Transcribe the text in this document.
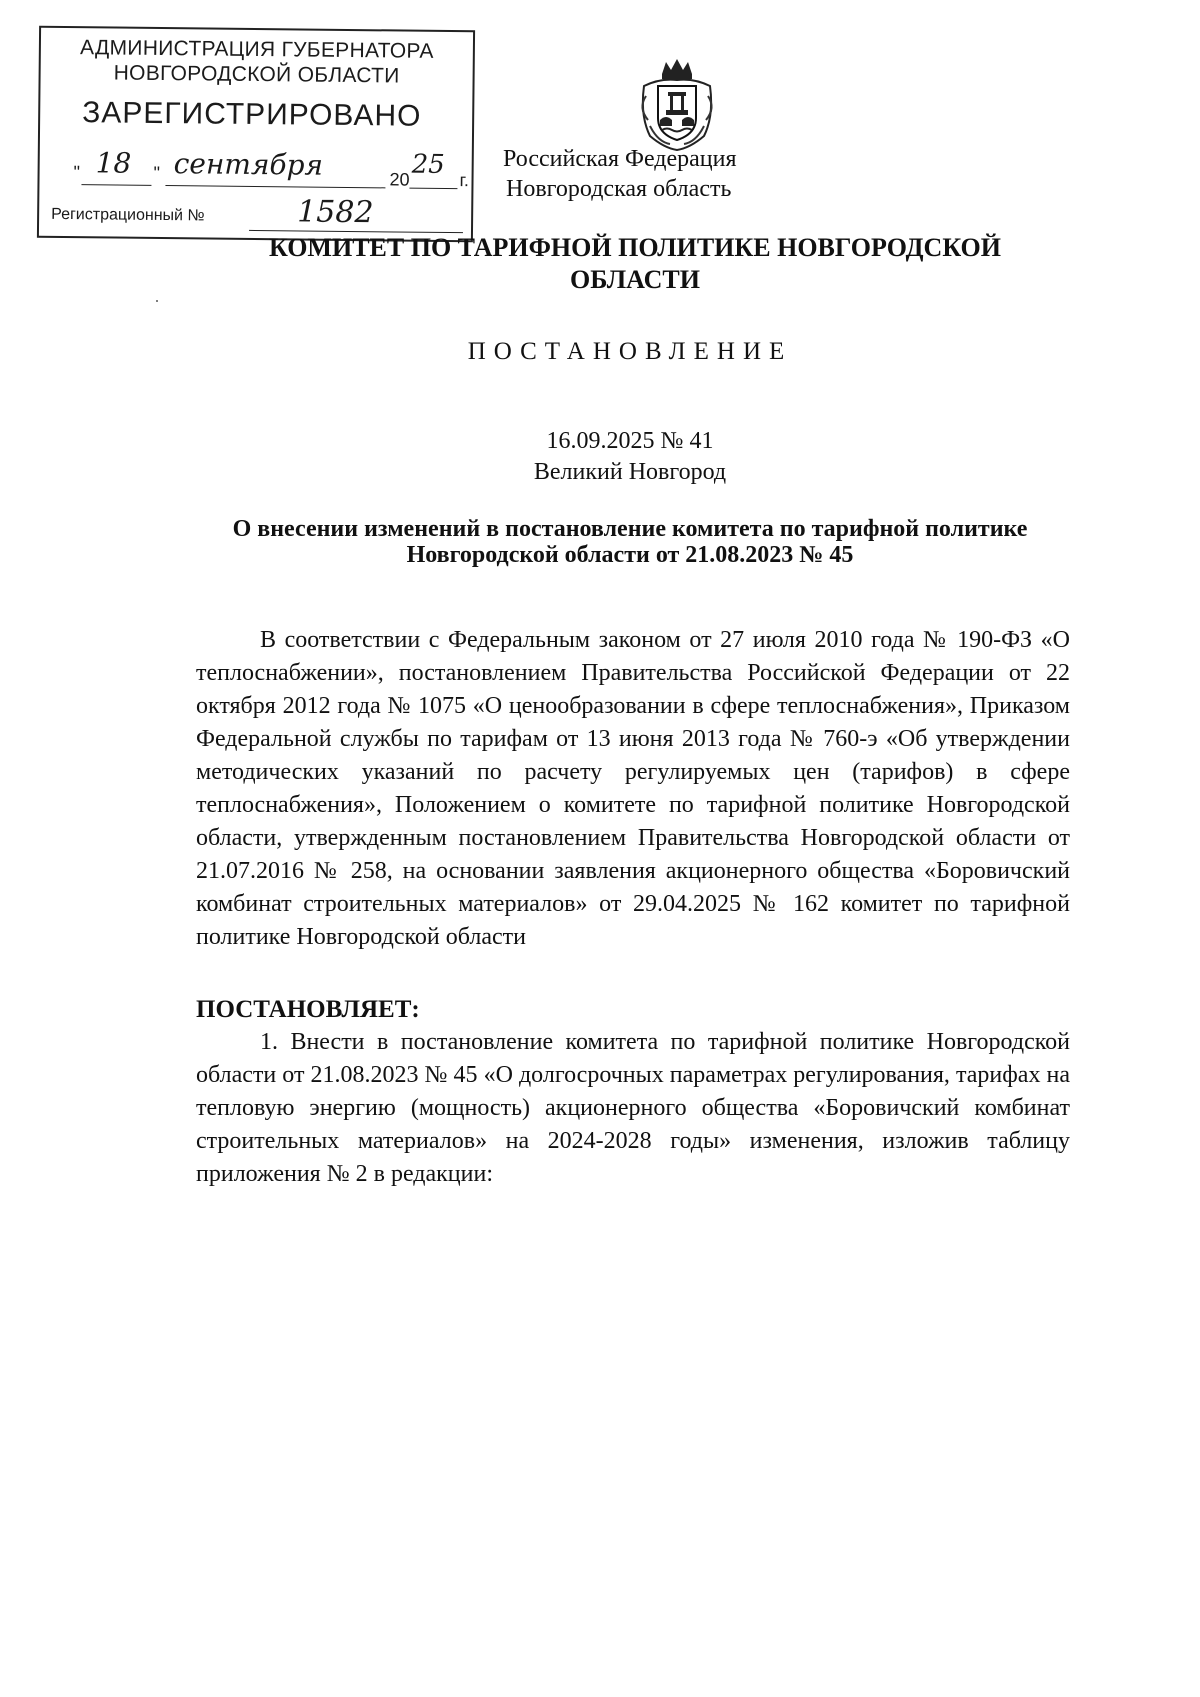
АДМИНИСТРАЦИЯ ГУБЕРНАТОРА
НОВГОРОДСКОЙ ОБЛАСТИ
ЗАРЕГИСТРИРОВАНО
" 18 " сентября	20 25
г.
Регистрационный №	1582
Российская Федерация
Новгородская область
КОМИТЕТ ПО ТАРИФНОЙ ПОЛИТИКЕ НОВГОРОДСКОЙ ОБЛАСТИ
ПОСТАНОВЛЕНИЕ
16.09.2025 № 41
Великий Новгород
О внесении изменений в постановление комитета по тарифной политике Новгородской области от 21.08.2023 № 45

В соответствии с Федеральным законом от 27 июля 2010 года № 190-ФЗ «О теплоснабжении», постановлением Правительства Российской Федерации от 22 октября 2012 года № 1075 «О ценообразовании в сфере теплоснабжения», Приказом Федеральной службы по тарифам от 13 июня 2013 года № 760-э «Об утверждении методических указаний по расчету регулируемых цен (тарифов) в сфере теплоснабжения», Положением о комитете по тарифной политике Новгородской области, утвержденным постановлением Правительства Новгородской области от 21.07.2016 № 258, на основании заявления акционерного общества «Боровичский комбинат строительных материалов» от 29.04.2025 № 162 комитет по тарифной политике Новгородской области

ПОСТАНОВЛЯЕТ:

1. Внести в постановление комитета по тарифной политике Новгородской области от 21.08.2023 № 45 «О долгосрочных параметрах регулирования, тарифах на тепловую энергию (мощность) акционерного общества «Боровичский комбинат строительных материалов» на 2024-2028 годы» изменения, изложив таблицу приложения № 2 в редакции:
